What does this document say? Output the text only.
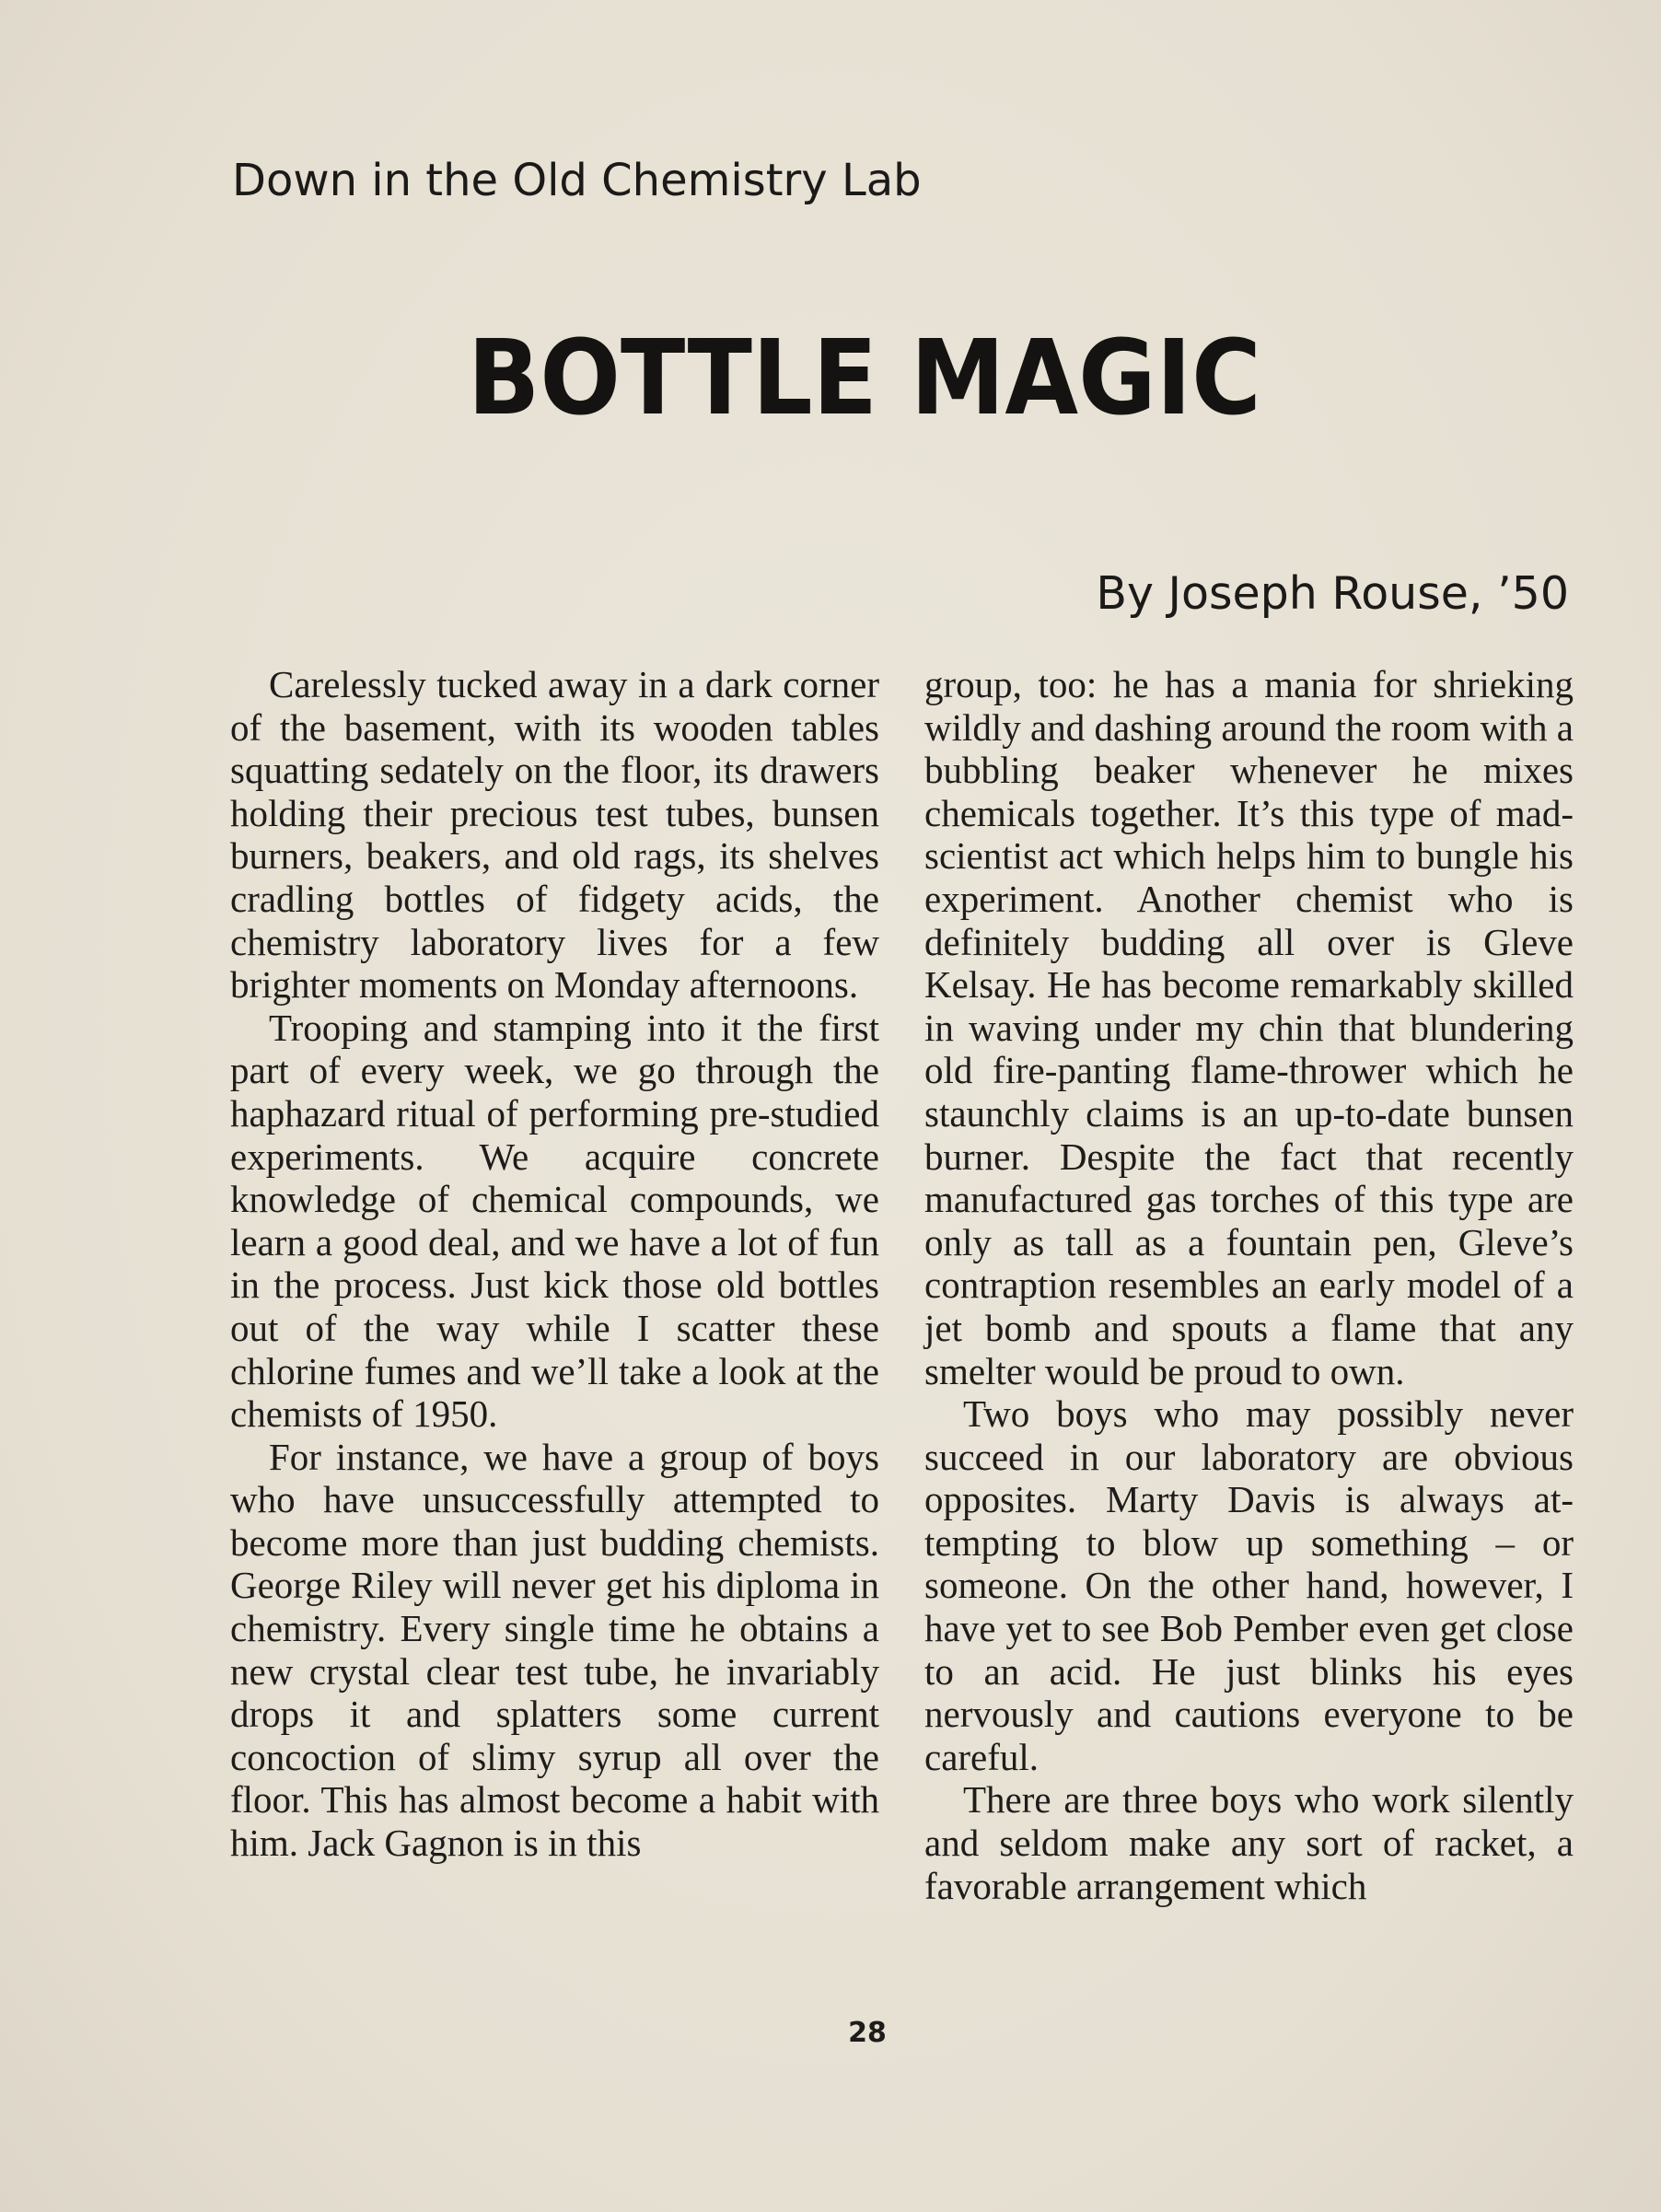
Down in the Old Chemistry Lab
BOTTLE MAGIC
By Joseph Rouse, ’50

Carelessly tucked away in a dark corner of the basement, with its wooden tables squatting sedately on the floor, its drawers holding their precious test tubes, bunsen burners, beakers, and old rags, its shelves cradling bottles of fidgety acids, the chemistry laboratory lives for a few brighter moments on Monday afternoons.

Trooping and stamping into it the first part of every week, we go through the haphazard ritual of performing pre-studied experiments. We acquire concrete knowledge of chemical compounds, we learn a good deal, and we have a lot of fun in the process. Just kick those old bottles out of the way while I scatter these chlorine fumes and we’ll take a look at the chemists of 1950.

For instance, we have a group of boys who have unsuccessfully attempted to become more than just budding chemists. George Riley will never get his diploma in chemistry. Every single time he obtains a new crystal clear test tube, he invariably drops it and splatters some current concoction of slimy syrup all over the floor. This has almost become a habit with him. Jack Gagnon is in this

group, too: he has a mania for shrieking wildly and dashing around the room with a bubbling beaker whenever he mixes chemicals together. It’s this type of mad-scientist act which helps him to bungle his experiment. Another chemist who is definitely budding all over is Gleve Kelsay. He has become remarkably skilled in waving under my chin that blundering old fire-panting flame-thrower which he staunchly claims is an up-to-date bunsen burner. Despite the fact that recently manufactured gas torches of this type are only as tall as a fountain pen, Gleve’s contraption resembles an early model of a jet bomb and spouts a flame that any smelter would be proud to own.

Two boys who may possibly never succeed in our laboratory are obvious opposites. Marty Davis is always attempting to blow up something – or someone. On the other hand, however, I have yet to see Bob Pember even get close to an acid. He just blinks his eyes nervously and cautions everyone to be careful.

There are three boys who work silently and seldom make any sort of racket, a favorable arrangement which

28
